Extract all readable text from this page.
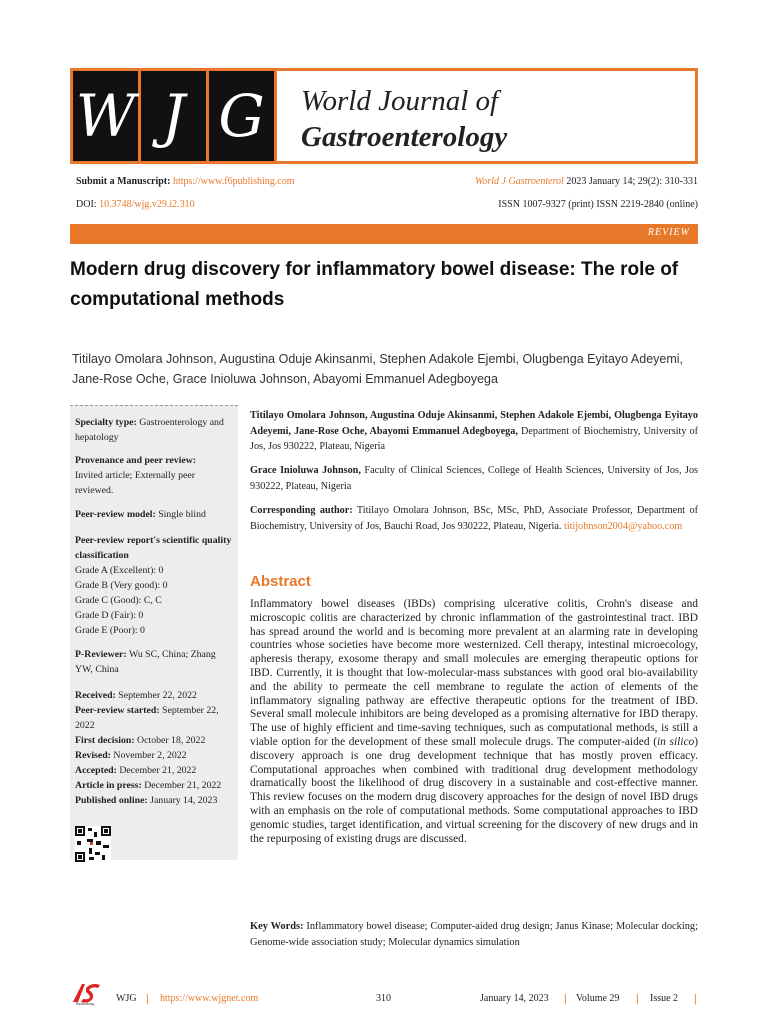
W J G	World Journal of
Gastroenterology
Submit a Manuscript: https://www.f6publishing.com	World J Gastroenterol 2023 January 14; 29(2): 310-331
DOI: 10.3748/wjg.v29.i2.310	ISSN 1007-9327 (print) ISSN 2219-2840 (online)
REVIEW
Modern drug discovery for inflammatory bowel disease: The role of computational methods
Titilayo Omolara Johnson, Augustina Oduje Akinsanmi, Stephen Adakole Ejembi, Olugbenga Eyitayo Adeyemi, Jane-Rose Oche, Grace Inioluwa Johnson, Abayomi Emmanuel Adegboyega
Specialty type: Gastroenterology and hepatology
Provenance and peer review:
Invited article; Externally peer reviewed.
Peer-review model: Single blind
Peer-review report's scientific quality classification
Grade A (Excellent): 0
Grade B (Very good): 0
Grade C (Good): C, C
Grade D (Fair): 0
Grade E (Poor): 0
P-Reviewer: Wu SC, China; Zhang YW, China
Received: September 22, 2022
Peer-review started: September 22, 2022
First decision: October 18, 2022
Revised: November 2, 2022
Accepted: December 21, 2022
Article in press: December 21, 2022
Published online: January 14, 2023
Titilayo Omolara Johnson, Augustina Oduje Akinsanmi, Stephen Adakole Ejembi, Olugbenga Eyitayo Adeyemi, Jane-Rose Oche, Abayomi Emmanuel Adegboyega, Department of Biochemistry, University of Jos, Jos 930222, Plateau, Nigeria
Grace Inioluwa Johnson, Faculty of Clinical Sciences, College of Health Sciences, University of Jos, Jos 930222, Plateau, Nigeria
Corresponding author: Titilayo Omolara Johnson, BSc, MSc, PhD, Associate Professor, Department of Biochemistry, University of Jos, Bauchi Road, Jos 930222, Plateau, Nigeria. titijohnson2004@yahoo.com
Abstract
Inflammatory bowel diseases (IBDs) comprising ulcerative colitis, Crohn's disease and microscopic colitis are characterized by chronic inflammation of the gastrointestinal tract. IBD has spread around the world and is becoming more prevalent at an alarming rate in developing countries whose societies have become more westernized. Cell therapy, intestinal microecology, apheresis therapy, exosome therapy and small molecules are emerging therapeutic options for IBD. Currently, it is thought that low-molecular-mass substances with good oral bio-availability and the ability to permeate the cell membrane to regulate the action of elements of the inflammatory signaling pathway are effective therapeutic options for the treatment of IBD. Several small molecule inhibitors are being developed as a promising alternative for IBD therapy. The use of highly efficient and time-saving techniques, such as computational methods, is still a viable option for the development of these small molecule drugs. The computer-aided (in silico) discovery approach is one drug development technique that has mostly proven efficacy. Computational approaches when combined with traditional drug development methodology dramatically boost the likelihood of drug discovery in a sustainable and cost-effective manner. This review focuses on the modern drug discovery approaches for the design of novel IBD drugs with an emphasis on the role of computational methods. Some computational approaches to IBD genomic studies, target identification, and virtual screening for the discovery of new drugs and in the repurposing of existing drugs are discussed.
Key Words: Inflammatory bowel disease; Computer-aided drug design; Janus Kinase; Molecular docking; Genome-wide association study; Molecular dynamics simulation
Baishideng WJG | https://www.wjgnet.com	310	January 14, 2023 | Volume 29 | Issue 2 |
